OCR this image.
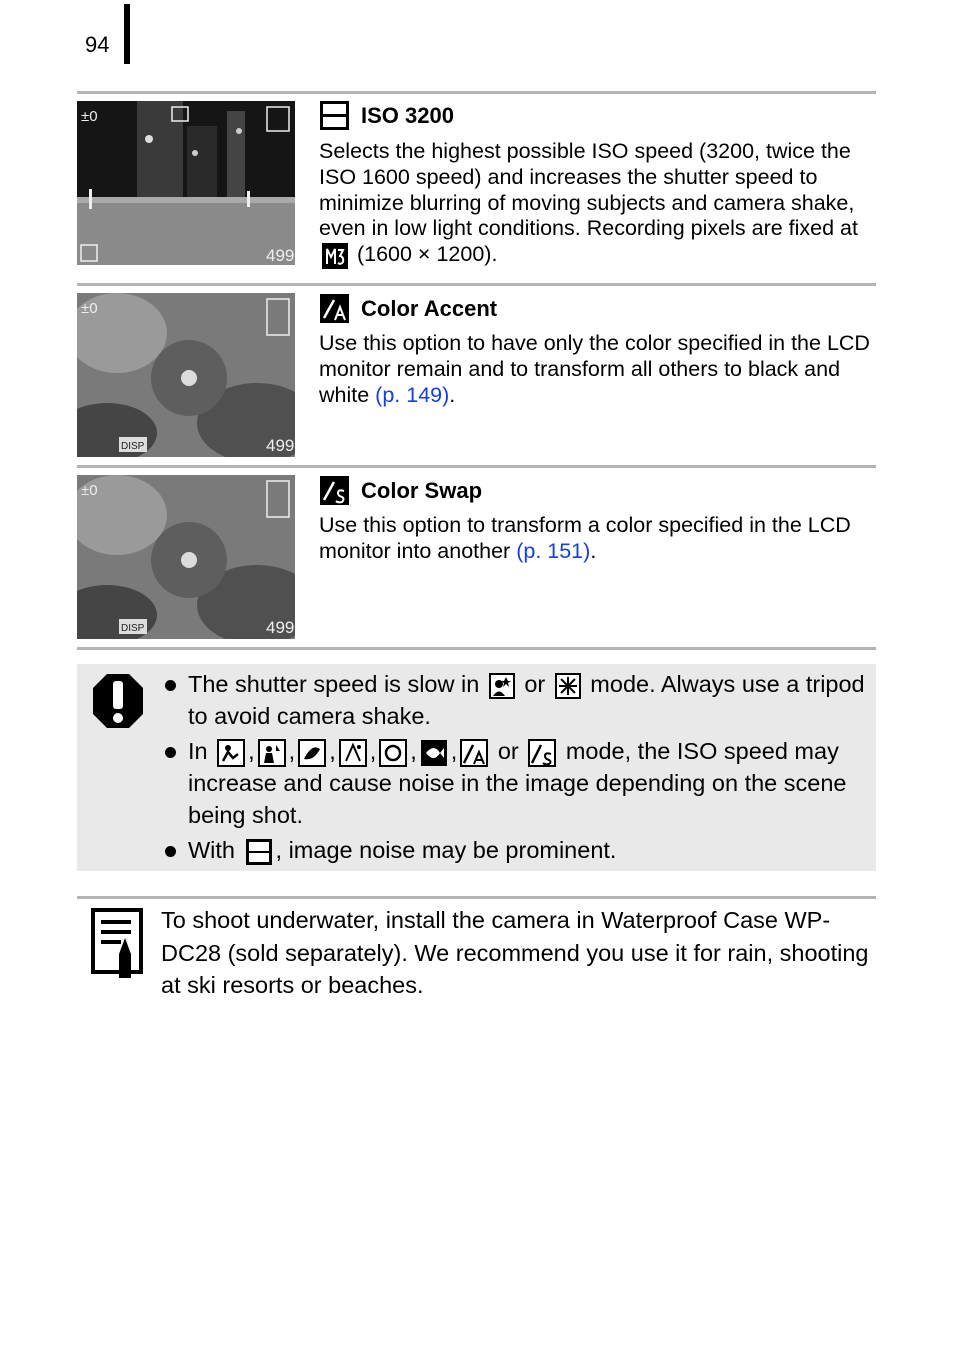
94
±0
499
±0
499
DISP
±0
499
DISP
ISO 3200
Selects the highest possible ISO speed (3200, twice the ISO 1600 speed) and increases the shutter speed to minimize blurring of moving subjects and camera shake, even in low light conditions. Recording pixels are fixed at  (1600 × 1200).
Color Accent
Use this option to have only the color specified in the LCD monitor remain and to transform all others to black and white (p. 149).
Color Swap
Use this option to transform a color specified in the LCD monitor into another (p. 151).
The shutter speed is slow in  or  mode. Always use a tripod to avoid camera shake.
In , , , , , , or  mode, the ISO speed may increase and cause noise in the image depending on the scene being shot.
With , image noise may be prominent.
To shoot underwater, install the camera in Waterproof Case WP-DC28 (sold separately). We recommend you use it for rain, shooting at ski resorts or beaches.
